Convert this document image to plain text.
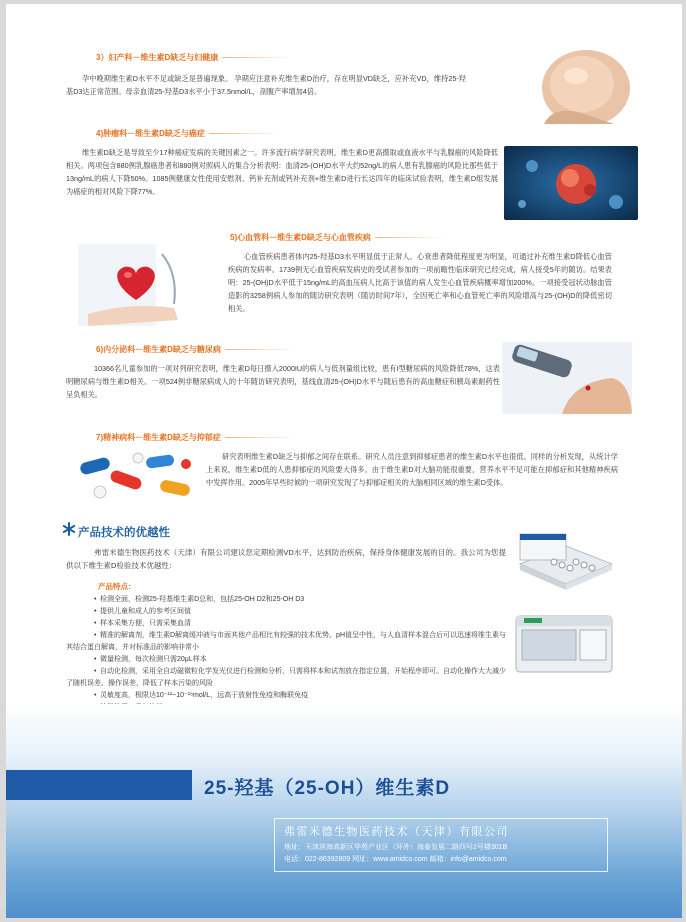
3）妇产科－维生素D缺乏与妇健康
孕中晚期维生素D水平不足或缺乏是普遍现象。 孕期应注意补充维生素D治疗，存在明显VD缺乏，应补充VD，维持25-羟基D3达正常范围。母亲血清25-羟基D3水平小于37.5nmol/L，剖腹产率增加4倍。
4)肿瘤科－维生素D缺乏与癌症
维生素D缺乏是导致至少17种癌症发病的关键因素之一。许多流行病学研究表明，维生素D更高摄取或血液水平与乳腺癌的风险降低相关。两项包含880例乳腺癌患者和880例对照病人的集合分析表明：血清25-(OH)D水平大约52ng/L的病人患有乳腺癌的风险比那些低于13ng/mL的病人下降50%。1085例健康女性使用安慰剂、钙补充剂或钙补充剂+维生素D进行长达四年的临床试验表明，维生素D组发展为癌症的相对风险下降77%。
5)心血管科－维生素D缺乏与心血管疾病
心血管疾病患者体内25-羟基D3水平明显低于正常人。心衰患者降低程度更为明显，可通过补充维生素D降低心血管疾病的发病率。1739例无心血管疾病发病史的受试者参加的一项前瞻性临床研究已经完成，病人接受5年的随访。结果表明：25-(OH)D水平低于15ng/mL的高血压病人比高于该值的病人发生心血管疾病概率增加200%。一项接受冠状动脉血管造影的3258例病人参加的随访研究表明（随访时间7年），全因死亡率和心血管死亡率的风险增高与25-(OH)D的降低密切相关。
6)内分泌科－维生素D缺乏与糖尿病
10366名儿童参加的一项对列研究表明，维生素D每日摄入2000IU的病人与低剂量组比较，患有I型糖尿病的风险降低78%，这表明糖尿病与维生素D相关。一项524例非糖尿病成人的十年随访研究表明，基线血清25-(OH)D水平与随后患有的高血糖症和胰岛素耐药性呈负相关。
7)精神病科－维生素D缺乏与抑郁症
研究表明维生素D缺乏与抑郁之间存在联系。研究人员注意到抑郁症患者的维生素D水平也很低。同样的分析发现，从统计学上来说，维生素D低的人患抑郁症的风险要大得多。由于维生素D对大脑功能很重要，营养水平不足可能在抑郁症和其他精神疾病中发挥作用。2005年早些时候的一项研究发现了与抑郁症相关的大脑相同区域的维生素D受体。
产品技术的优越性
弗雷米德生物医药技术（天津）有限公司建议您定期检测VD水平，达到防治疾病，保持身体健康发展的目的。我公司为您提供以下维生素D检验技术优越性：
产品特点：
• 检测全面，检测25-羟基维生素D总和，包括25-OH D2和25-OH D3
• 提供儿童和成人的参考区间值
• 样本采集方便，只需采集血清
• 精准的解离剂，维生素D解离缓冲液与市面其他产品相比有较强的技术优势。pH值呈中性，与人血清样本混合后可以迅速将维生素与其结合蛋白解离，并对标准品的影响非常小
• 微量检测，每次检测只需20μL样本
• 自动化检测，采用全自动磁微粒化学发光仪进行检测和分析，只需将样本和试剂放在指定位置，开始程序即可。自动化操作大大减少了随机误差、操作误差，降低了样本污染的风险
• 灵敏度高，极限达10⁻¹²~10⁻¹⁸mol/L，远高于放射性免疫和酶联免疫
•
•
•
25-羟基（25-OH）维生素D
弗雷米德生物医药技术（天津）有限公司
地址：天津滨海高新区华苑产业区（环外）海泰发展二路四号2号楼301B
电话：022-86392809 网址：www.amidco.com 邮箱：info@amidco.com
